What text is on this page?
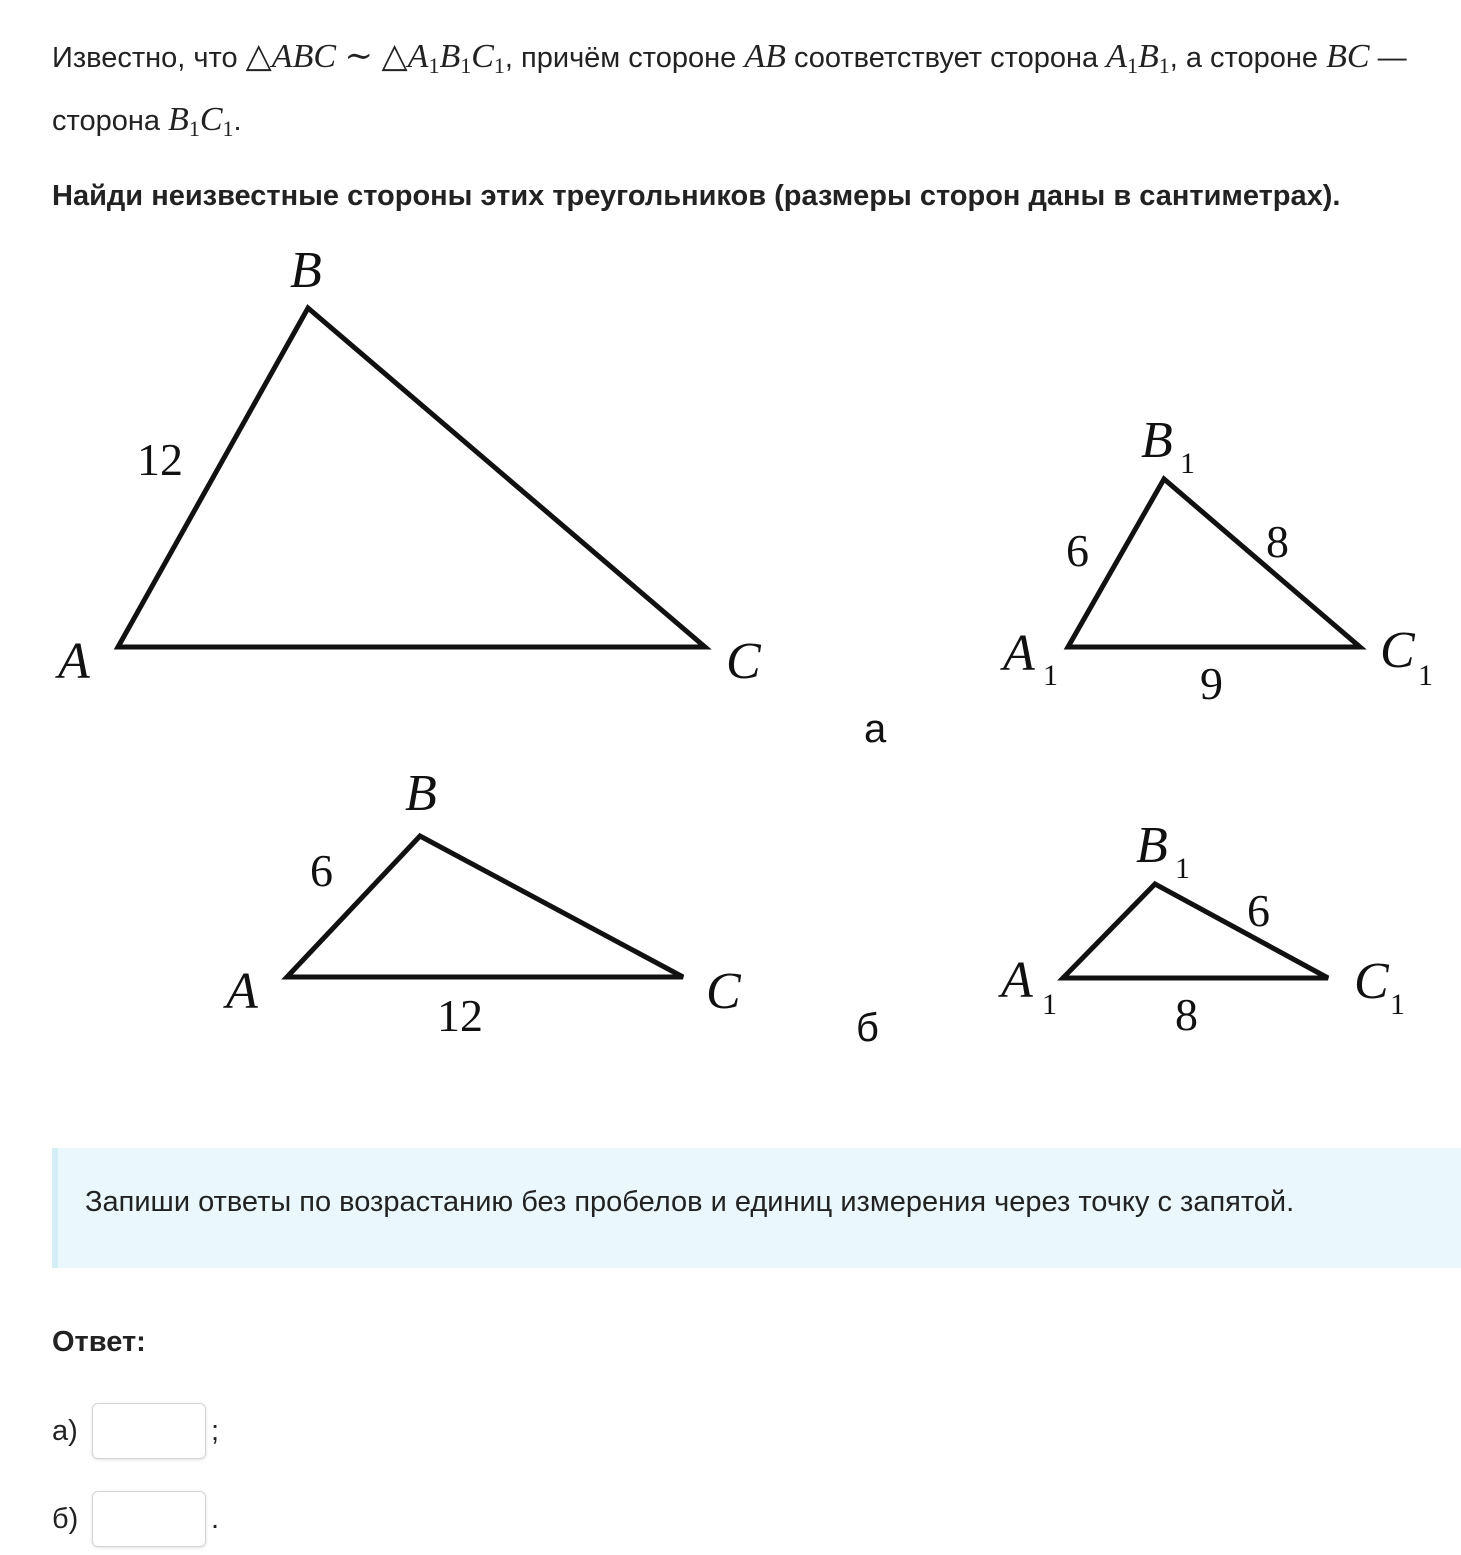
Известно, что △ABC ∼ $\triangle A_1B_1C_1$, причём стороне AB соответствует сторона $A_1B_1$, а стороне BC — сторона $B_1C_1$.
Найди неизвестные стороны этих треугольников (размеры сторон даны в сантиметрах).
B
A	C
12	B 1
A 1	C 1
6	8
9
а
B
A	C
6
12
B 1
A 1	C 1
6
8
б
Запиши ответы по возрастанию без пробелов и единиц измерения через точку с запятой.
Ответ:
а)	;
б)	.
